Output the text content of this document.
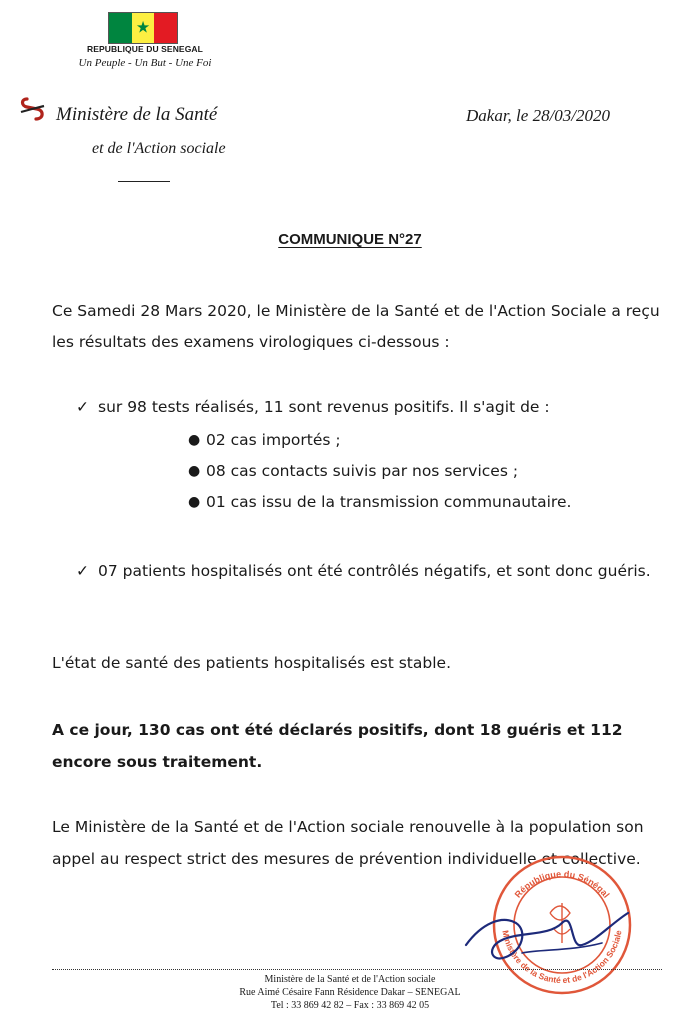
★
REPUBLIQUE DU SENEGAL
Un Peuple - Un But - Une Foi
Ministère de la Santé
et de l'Action sociale
Dakar, le 28/03/2020
COMMUNIQUE N°27
Ce Samedi 28 Mars 2020, le Ministère de la Santé et de l'Action Sociale a reçu les résultats des examens virologiques ci-dessous :
✓ sur 98 tests réalisés, 11 sont revenus positifs. Il s'agit de :
● 02 cas importés ;
● 08 cas contacts suivis par nos services ;
● 01 cas issu de la transmission communautaire.
✓ 07 patients hospitalisés ont été contrôlés négatifs, et sont donc guéris.
L'état de santé des patients hospitalisés est stable.
A ce jour, 130 cas ont été déclarés positifs, dont 18 guéris et 112 encore sous traitement.
Le Ministère de la Santé et de l'Action sociale renouvelle à la population son appel au respect strict des mesures de prévention individuelle et collective.
République du Sénégal
Ministère de la Santé et de l'Action Sociale
Ministère de la Santé et de l'Action sociale
Rue Aimé Césaire Fann Résidence Dakar – SENEGAL
Tel : 33 869 42 82 – Fax : 33 869 42 05
